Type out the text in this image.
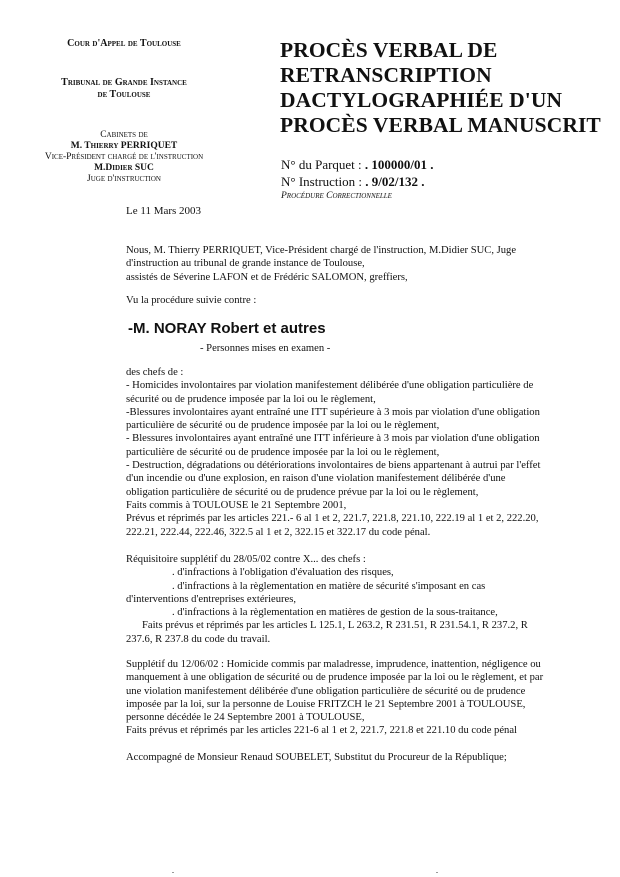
Cour d'Appel de Toulouse
Tribunal de Grande Instance
de Toulouse
Cabinets de
M. Thierry PERRIQUET
Vice-Président chargé de l'instruction
M.Didier SUC
Juge d'instruction
Le 11 Mars 2003
PROCÈS VERBAL DE
RETRANSCRIPTION
DACTYLOGRAPHIÉE D'UN
PROCÈS VERBAL MANUSCRIT
N° du Parquet : . 100000/01 .
N° Instruction : . 9/02/132 .
Procédure Correctionnelle

Nous, M. Thierry PERRIQUET, Vice-Président chargé de l'instruction, M.Didier SUC, Juge

d'instruction au tribunal de grande instance de Toulouse,

assistés de Séverine LAFON et de Frédéric SALOMON, greffiers,

Vu la procédure suivie contre :
-M. NORAY Robert et autres
- Personnes mises en examen -

des chefs de :

- Homicides involontaires par violation manifestement délibérée d'une obligation particulière de

sécurité ou de prudence imposée par la loi ou le règlement,

-Blessures involontaires ayant entraîné une ITT supérieure à 3 mois par violation d'une obligation

particulière de sécurité ou de prudence imposée par la loi ou le règlement,

- Blessures involontaires ayant entraîné une ITT inférieure à 3 mois par violation d'une obligation

particulière de sécurité ou de prudence imposée par la loi ou le règlement,

- Destruction, dégradations ou détériorations involontaires de biens appartenant à autrui par l'effet

d'un incendie ou d'une explosion, en raison d'une violation manifestement délibérée d'une

obligation particulière de sécurité ou de prudence prévue par la loi ou le règlement,

Faits commis à TOULOUSE le 21 Septembre 2001,

Prévus et réprimés par les articles 221.- 6 al 1 et 2, 221.7, 221.8, 221.10, 222.19 al 1 et 2, 222.20,

222.21, 222.44, 222.46, 322.5 al 1 et 2, 322.15 et 322.17 du code pénal.

Réquisitoire supplétif du 28/05/02 contre X... des chefs :

. d'infractions à l'obligation d'évaluation des risques,

. d'infractions à la règlementation en matière de sécurité s'imposant en cas

d'interventions d'entreprises extérieures,

. d'infractions à la règlementation en matières de gestion de la sous-traitance,

Faits prévus et réprimés par les articles L 125.1, L 263.2, R 231.51, R 231.54.1, R 237.2, R

237.6, R 237.8 du code du travail.

Supplétif du 12/06/02 : Homicide commis par maladresse, imprudence, inattention, négligence ou

manquement à une obligation de sécurité ou de prudence imposée par la loi ou le règlement, et par

une violation manifestement délibérée d'une obligation particulière de sécurité ou de prudence

imposée par la loi, sur la personne de Louise FRITZCH le 21 Septembre 2001 à TOULOUSE,

personne décédée le 24 Septembre 2001 à TOULOUSE,

Faits prévus et réprimés par les articles 221-6 al 1 et 2, 221.7, 221.8 et 221.10 du code pénal

Accompagné de Monsieur Renaud SOUBELET, Substitut du Procureur de la République;
